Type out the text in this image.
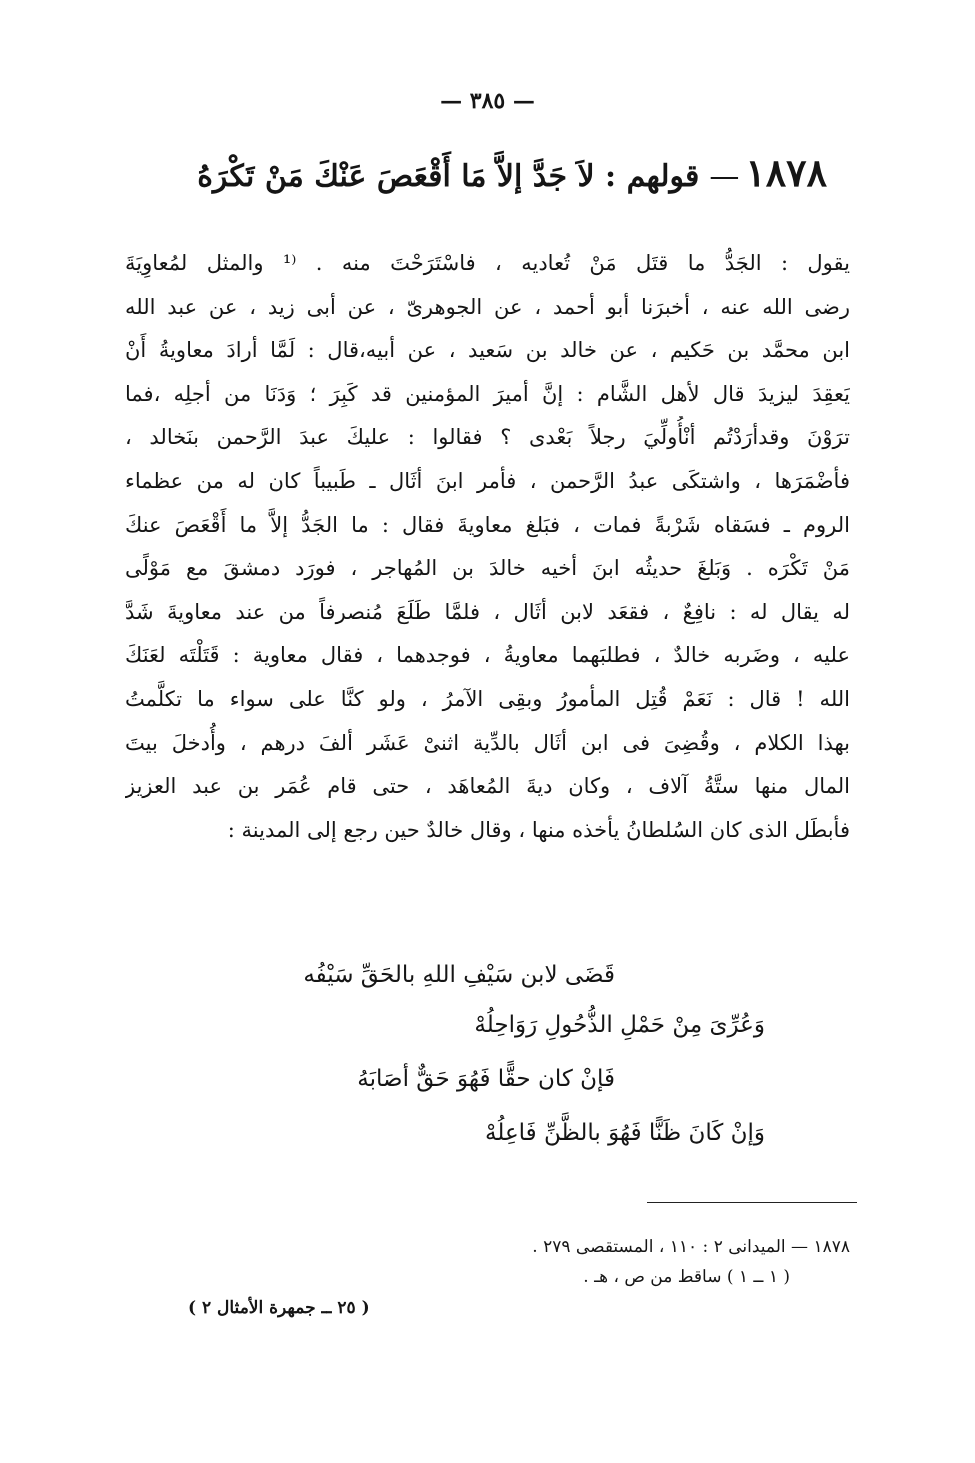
— ٣٨٥ —
١٨٧٨
—
قولهم : لاَ جَدَّ إلاَّ مَا أَقْعَصَ عَنْكَ مَنْ تَكْرَهُ
يقول : الجَدُّ ما قتَل مَنْ تُعاديه ، فاسْتَرَحْتَ منه . ⁽¹ والمثل لمُعاوِيَةَ
رضى الله عنه ، أخبرَنا أبو أحمد ، عن الجوهرىّ ، عن أبى زيد ، عن عبد الله
ابن محمَّد بن حَكيم ، عن خالد بن سَعيد ، عن أبيه،قال : لَمَّا أرادَ معاويةُ أَنْ
يَعقِدَ ليزيدَ قال لأهل الشَّام : إنَّ أميرَ المؤمنين قد كَبِرَ ؛ وَدَنَا من أجلِه ،فما
ترَوْنَ وقدأرَدْتُم أنْأُولِّيَ رجلاً بَعْدى ؟ فقالوا : عليكَ عبدَ الرَّحمن بنَخالد ،
فأضْمَرَها ، واشتكَى عبدُ الرَّحمن ، فأمر ابنَ أثَال ـ طَبيباً كان له من عظماء
الروم ـ فسَقاه شَرْبةً فمات ، فبَلغ معاويةَ فقال : ما الجَدُّ إلاَّ ما أَقْعَصَ عنكَ
مَنْ تَكْرَه . وَبَلغَ حديثُه ابنَ أخيه خالدَ بن المُهاجر ، فورَد دمشقَ مع مَوْلًى
له يقال له : نافِعٌ ، فقعَد لابن أثَال ، فلمَّا طَلَعَ مُنصرفاً من عند معاويةَ شَدَّ
عليه ، وضَربه خالدٌ ، فطلبَهما معاويةُ ، فوجدهما ، فقال معاوية : قَتَلْتَه لعَنَكَ
الله ! قال : نَعَمْ قُتِل المأمورُ وبقِى الآمرُ ، ولو كنَّا على سواء ما تكلَّمتُ
بهذا الكلام ، وقُضِىَ فى ابن أثَال بالدِّية اثنىْ عَشَر ألفَ درهم ، وأُدخلَ بيتَ
المال منها ستَّةُ آلاف ، وكان ديةَ المُعاهَد ، حتى قام عُمَر بن عبد العزيز
فأبطَل الذى كان السُلطانُ يأخذه منها ، وقال خالدٌ حين رجع إلى المدينة :
قَضَى لابن سَيْفِ اللهِ بالحَقِّ سَيْفُه
وَعُرِّىَ مِنْ حَمْلِ الذُّحُولِ رَوَاحِلُهْ
فَإنْ كان حقًّا فَهُوَ حَقٌّ أصَابَهُ
وَإنْ كَانَ ظَنًّا فَهُوَ بالظَّنِّ فَاعِلُهْ
١٨٧٨ — الميدانى ٢ : ١١٠ ، المستقصى ٢٧٩ .
( ١ ــ ١ ) ساقط من ص ، هـ .
( ٢٥ ــ جمهرة الأمثال ٢ )
